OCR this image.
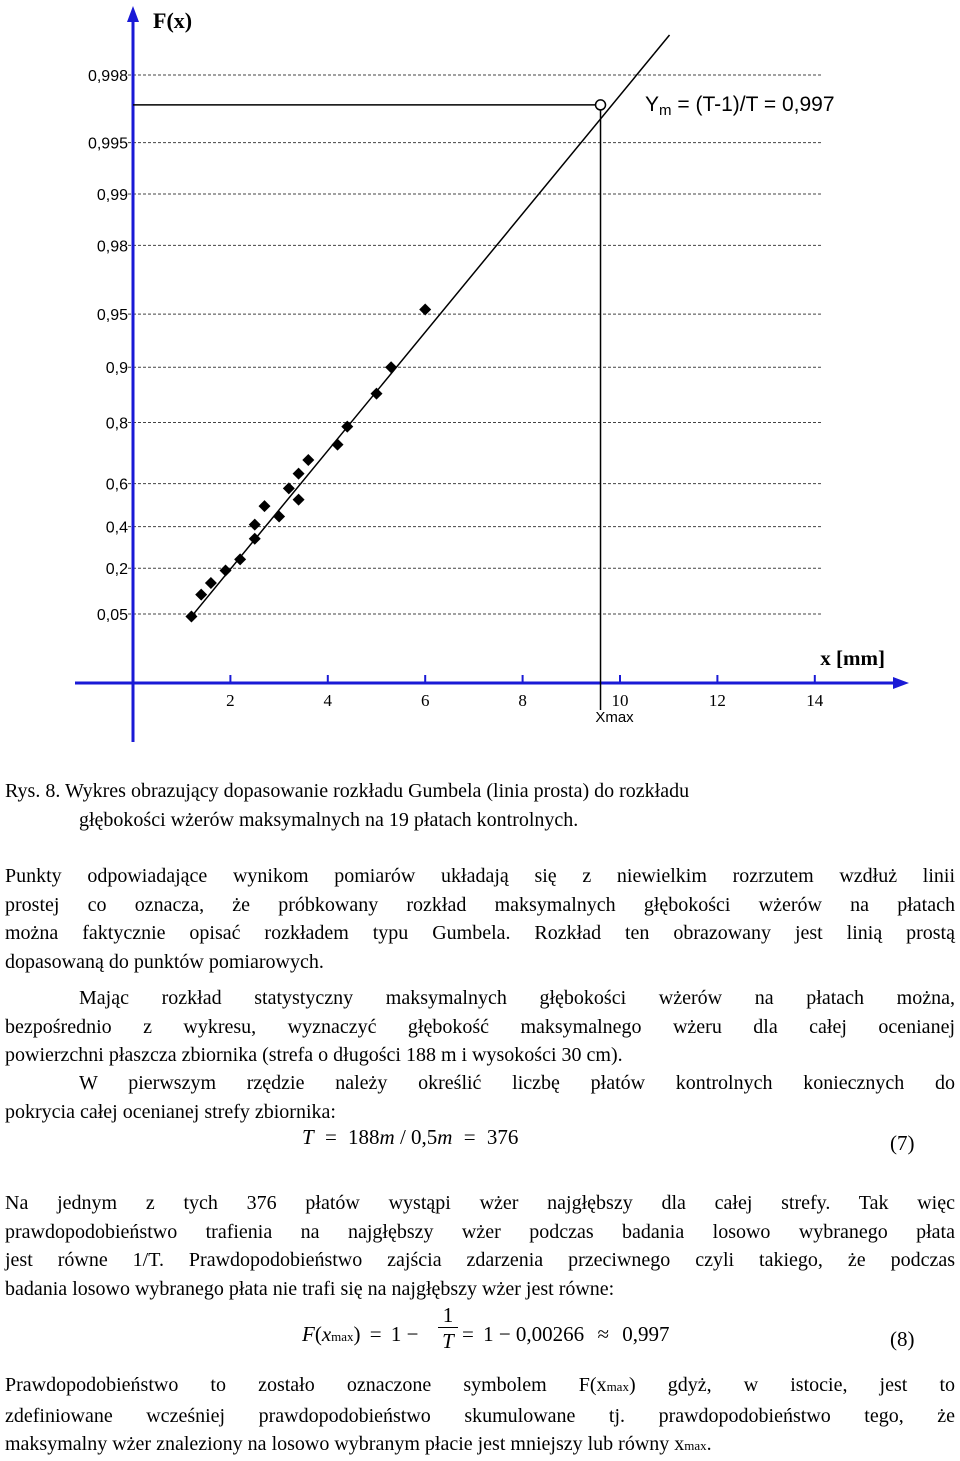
0,998
0,995
0,99
0,98
0,95
0,9
0,8
0,6
0,4
0,2
0,05
2	4	6	8	10	12	14
F(x)
x [mm]
Ym = (T-1)/T = 0,997
Xmax
Rys. 8. Wykres obrazujący dopasowanie rozkładu Gumbela (linia prosta) do rozkładu
głębokości wżerów maksymalnych na 19 płatach kontrolnych.
Punkty odpowiadające wynikom pomiarów układają się z niewielkim rozrzutem wzdłuż linii
prostej co oznacza, że próbkowany rozkład maksymalnych głębokości wżerów na płatach
można faktycznie opisać rozkładem typu Gumbela. Rozkład ten obrazowany jest linią prostą
dopasowaną do punktów pomiarowych.
Mając rozkład statystyczny maksymalnych głębokości wżerów na płatach można,
bezpośrednio z wykresu, wyznaczyć głębokość maksymalnego wżeru dla całej ocenianej
powierzchni płaszcza zbiornika (strefa o długości 188 m i wysokości 30 cm).
W pierwszym rzędzie należy określić liczbę płatów kontrolnych koniecznych do
pokrycia całej ocenianej strefy zbiornika:
T = 188m / 0,5m = 376	(7)
Na jednym z tych 376 płatów wystąpi wżer najgłębszy dla całej strefy. Tak więc
prawdopodobieństwo trafienia na najgłębszy wżer podczas badania losowo wybranego płata
jest równe 1/T. Prawdopodobieństwo zajścia zdarzenia przeciwnego czyli takiego, że podczas
badania losowo wybranego płata nie trafi się na najgłębszy wżer jest równe:
$F(xmax) = 1 - \frac{1}{T} = 1 - 0,00266 \approx 0,997$	(8)
Prawdopodobieństwo to zostało oznaczone symbolem F(xmax) gdyż, w istocie, jest to
zdefiniowane wcześniej prawdopodobieństwo skumulowane tj. prawdopodobieństwo tego, że
maksymalny wżer znaleziony na losowo wybranym płacie jest mniejszy lub równy xmax.
